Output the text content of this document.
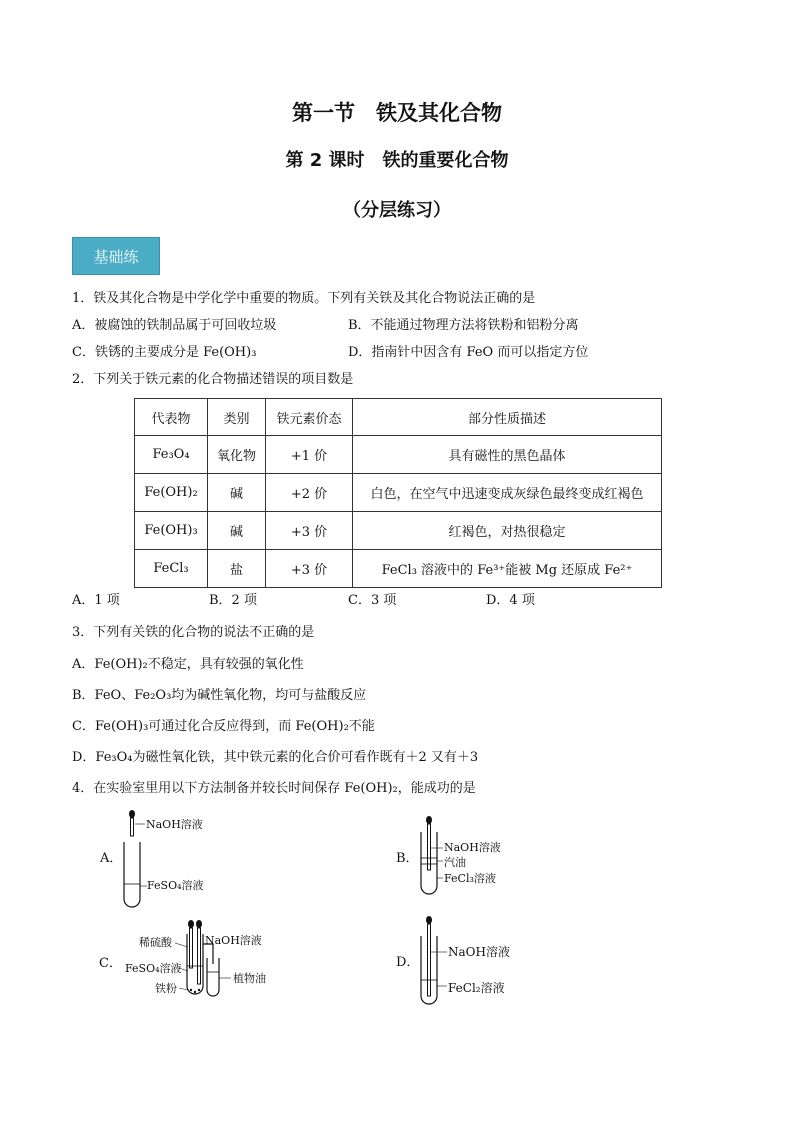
第一节　铁及其化合物
第 2 课时　铁的重要化合物
（分层练习）
基础练
1．铁及其化合物是中学化学中重要的物质。下列有关铁及其化合物说法正确的是
A．被腐蚀的铁制品属于可回收垃圾	B．不能通过物理方法将铁粉和铝粉分离
C．铁锈的主要成分是 Fe(OH)₃	D．指南针中因含有 FeO 而可以指定方位
2．下列关于铁元素的化合物描述错误的项目数是
代表物	类别	铁元素价态	部分性质描述
Fe₃O₄	氧化物	+1 价	具有磁性的黑色晶体
Fe(OH)₂	碱	+2 价	白色，在空气中迅速变成灰绿色最终变成红褐色
Fe(OH)₃	碱	+3 价	红褐色，对热很稳定
FeCl₃	盐	+3 价	FeCl₃ 溶液中的 Fe³⁺能被 Mg 还原成 Fe²⁺
A．1 项	B．2 项	C．3 项	D．4 项
3．下列有关铁的化合物的说法不正确的是
A．Fe(OH)₂不稳定，具有较强的氧化性
B．FeO、Fe₂O₃均为碱性氧化物，均可与盐酸反应
C．Fe(OH)₃可通过化合反应得到，而 Fe(OH)₂不能
D．Fe₃O₄为磁性氧化铁，其中铁元素的化合价可看作既有＋2 又有＋3
4．在实验室里用以下方法制备并较长时间保存 Fe(OH)₂，能成功的是
A．
NaOH溶液
FeSO₄溶液
B．
NaOH溶液
汽油
FeCl₃溶液
C．
稀硫酸	NaOH溶液
FeSO₄溶液
铁粉
植物油
D．
NaOH溶液
FeCl₂溶液
